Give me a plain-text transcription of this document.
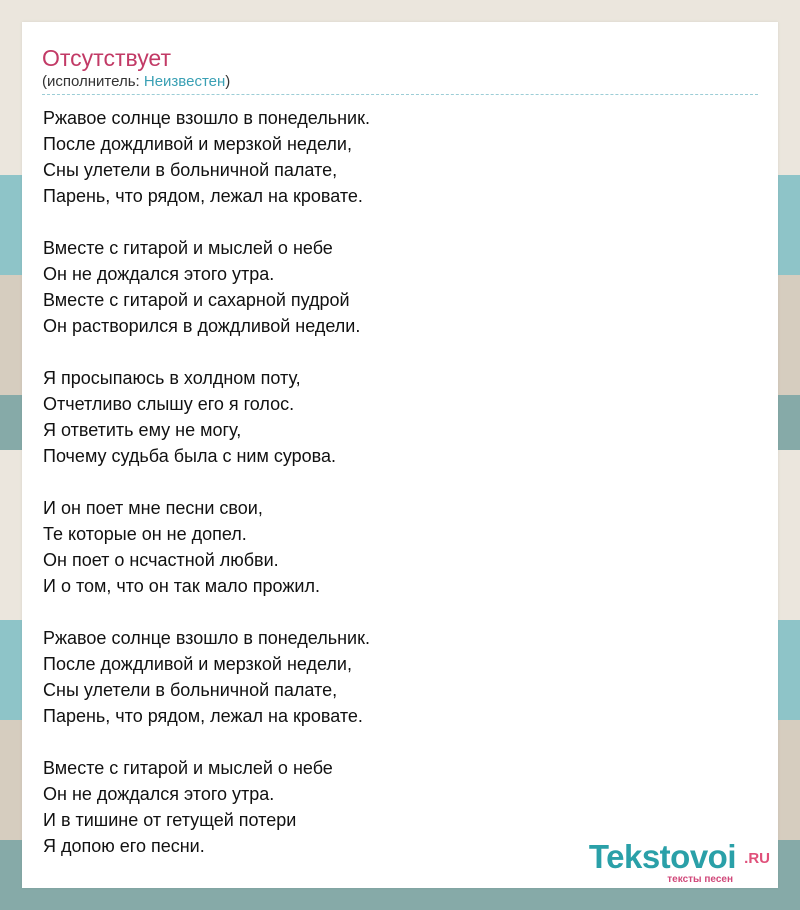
Отсутствует
(исполнитель: Неизвестен)
Ржавое солнце взошло в понедельник.
После дождливой и мерзкой недели,
Сны улетели в больничной палате,
Парень, что рядом, лежал на кровате.
Вместе с гитарой и мыслей о небе
Он не дождался этого утра.
Вместе с гитарой и сахарной пудрой
Он растворился в дождливой недели.
Я просыпаюсь в холдном поту,
Отчетливо слышу его я голос.
Я ответить ему не могу,
Почему судьба была с ним сурова.
И он поет мне песни свои,
Те которые он не допел.
Он поет о нсчастной любви.
И о том, что он так мало прожил.
Ржавое солнце взошло в понедельник.
После дождливой и мерзкой недели,
Сны улетели в больничной палате,
Парень, что рядом, лежал на кровате.
Вместе с гитарой и мыслей о небе
Он не дождался этого утра.
И в тишине от гетущей потери
Я допою его песни.	Tekstovoi .RU
тексты песен
